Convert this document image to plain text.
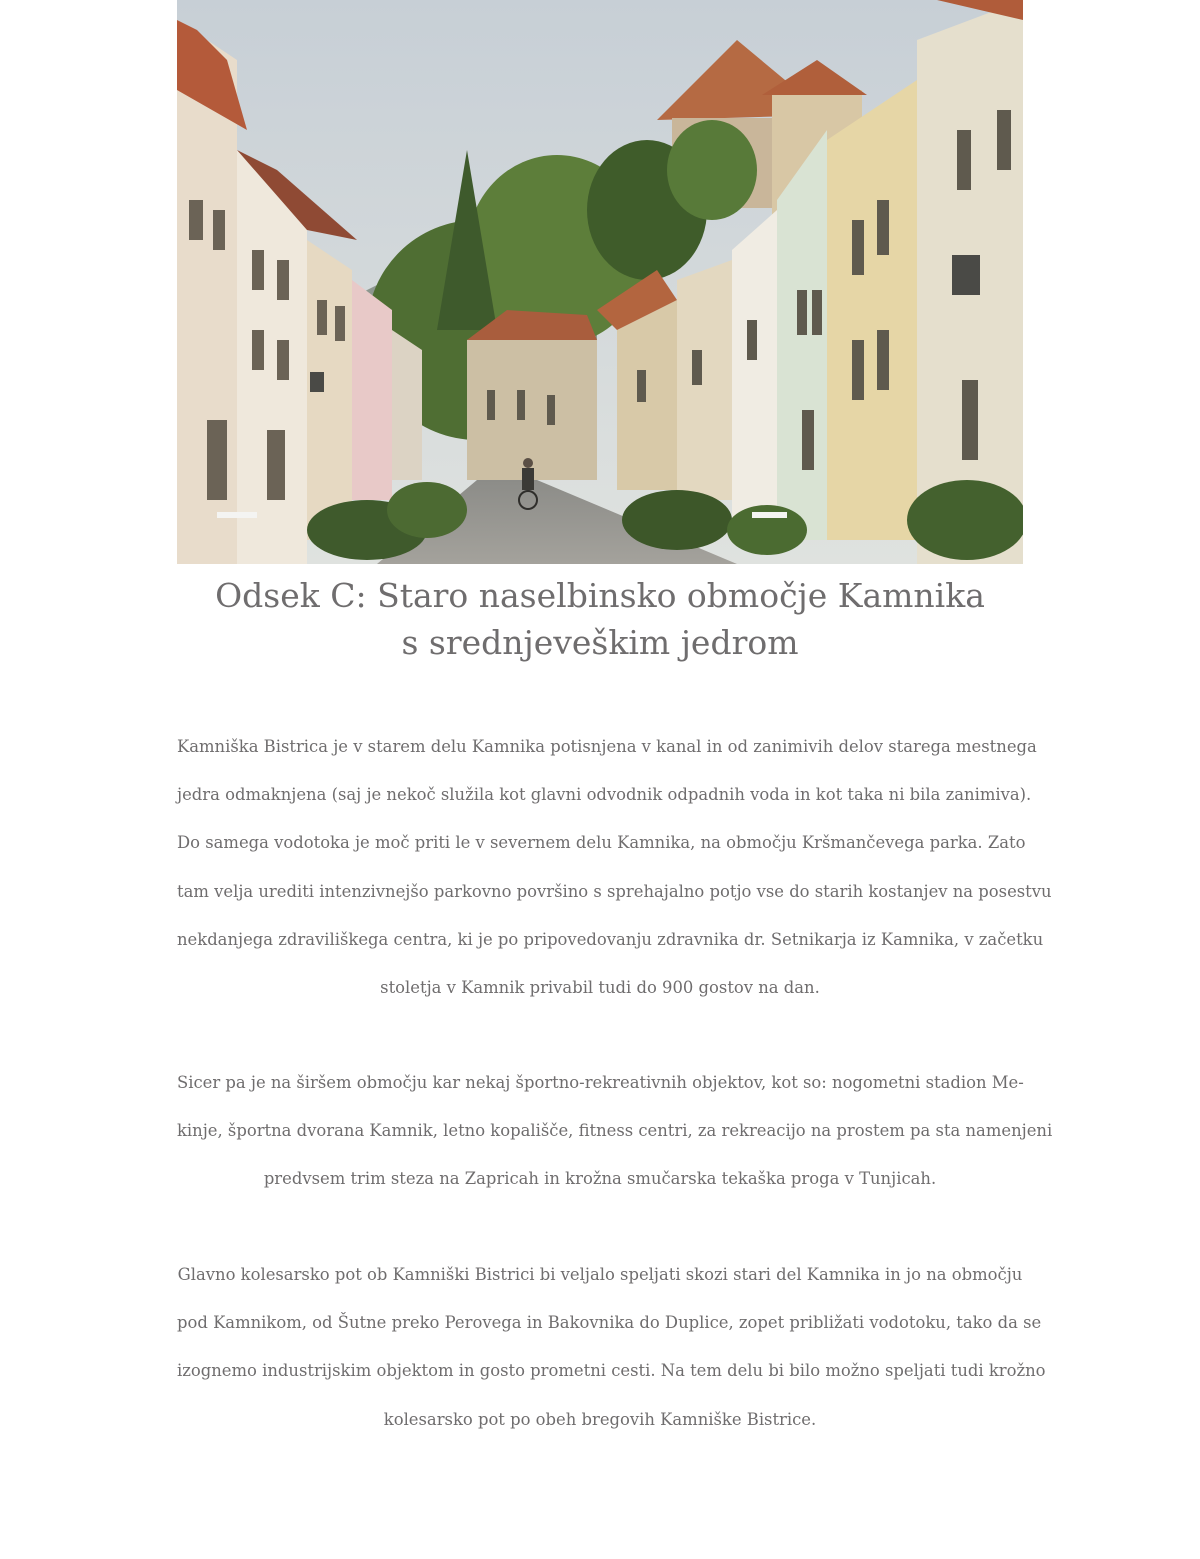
Odsek C: Staro naselbinsko območje Kamnika
s srednjeveškim jedrom

Kamniška Bistrica je v starem delu Kamnika potisnjena v kanal in od zanimivih delov starega mestnega
jedra odmaknjena (saj je nekoč služila kot glavni odvodnik odpadnih voda in kot taka ni bila zanimiva).
Do samega vodotoka je moč priti le v severnem delu Kamnika, na območju Kršmančevega parka. Zato
tam velja urediti intenzivnejšo parkovno površino s sprehajalno potjo vse do starih kostanjev na posestvu
nekdanjega zdraviliškega centra, ki je po pripovedovanju zdravnika dr. Setnikarja iz Kamnika, v začetku
stoletja v Kamnik privabil tudi do 900 gostov na dan.

Sicer pa je na širšem območju kar nekaj športno-rekreativnih objektov, kot so: nogometni stadion Me-
kinje, športna dvorana Kamnik, letno kopališče, fitness centri, za rekreacijo na prostem pa sta namenjeni
predvsem trim steza na Zapricah in krožna smučarska tekaška proga v Tunjicah.

Glavno kolesarsko pot ob Kamniški Bistrici bi veljalo speljati skozi stari del Kamnika in jo na območju
pod Kamnikom, od Šutne preko Perovega in Bakovnika do Duplice, zopet približati vodotoku, tako da se
izognemo industrijskim objektom in gosto prometni cesti. Na tem delu bi bilo možno speljati tudi krožno
kolesarsko pot po obeh bregovih Kamniške Bistrice.
